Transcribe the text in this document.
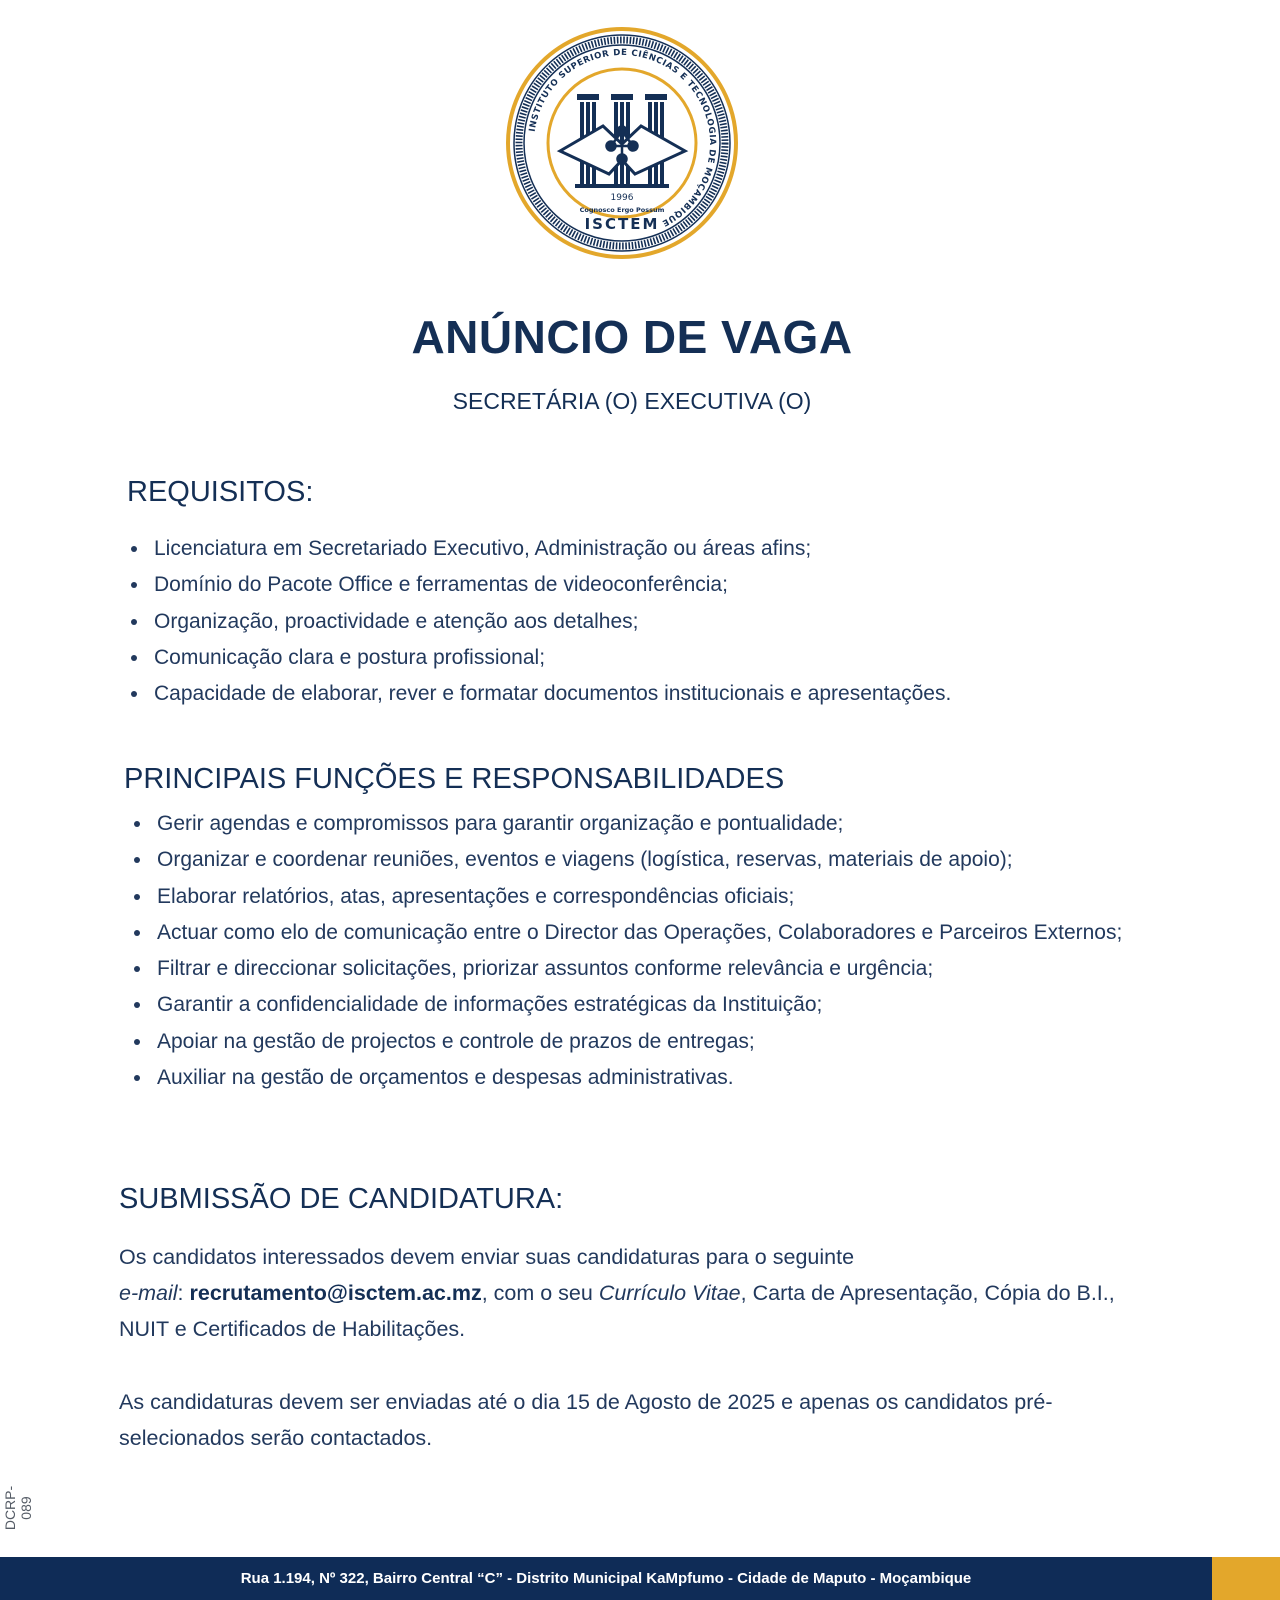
INSTITUTO SUPERIOR DE CIÊNCIAS E TECNOLOGIA DE MOÇAMBIQUE
1996
Cognosco Ergo Possum
ISCTEM
ANÚNCIO DE VAGA

SECRETÁRIA (O) EXECUTIVA (O)

REQUISITOS:
• Licenciatura em Secretariado Executivo, Administração ou áreas afins;
• Domínio do Pacote Office e ferramentas de videoconferência;
• Organização, proactividade e atenção aos detalhes;
• Comunicação clara e postura profissional;
• Capacidade de elaborar, rever e formatar documentos institucionais e apresentações.
PRINCIPAIS FUNÇÕES E RESPONSABILIDADES
• Gerir agendas e compromissos para garantir organização e pontualidade;
• Organizar e coordenar reuniões, eventos e viagens (logística, reservas, materiais de apoio);
• Elaborar relatórios, atas, apresentações e correspondências oficiais;
• Actuar como elo de comunicação entre o Director das Operações, Colaboradores e Parceiros Externos;
• Filtrar e direccionar solicitações, priorizar assuntos conforme relevância e urgência;
• Garantir a confidencialidade de informações estratégicas da Instituição;
• Apoiar na gestão de projectos e controle de prazos de entregas;
• Auxiliar na gestão de orçamentos e despesas administrativas.
SUBMISSÃO DE CANDIDATURA:

Os candidatos interessados devem enviar suas candidaturas para o seguinte
e-mail: recrutamento@isctem.ac.mz, com o seu Currículo Vitae, Carta de Apresentação, Cópia do B.I., NUIT e Certificados de Habilitações.

As candidaturas devem ser enviadas até o dia 15 de Agosto de 2025 e apenas os candidatos pré-selecionados serão contactados.

DCRP-089
Rua 1.194, Nº 322, Bairro Central “C” - Distrito Municipal KaMpfumo - Cidade de Maputo - Moçambique
